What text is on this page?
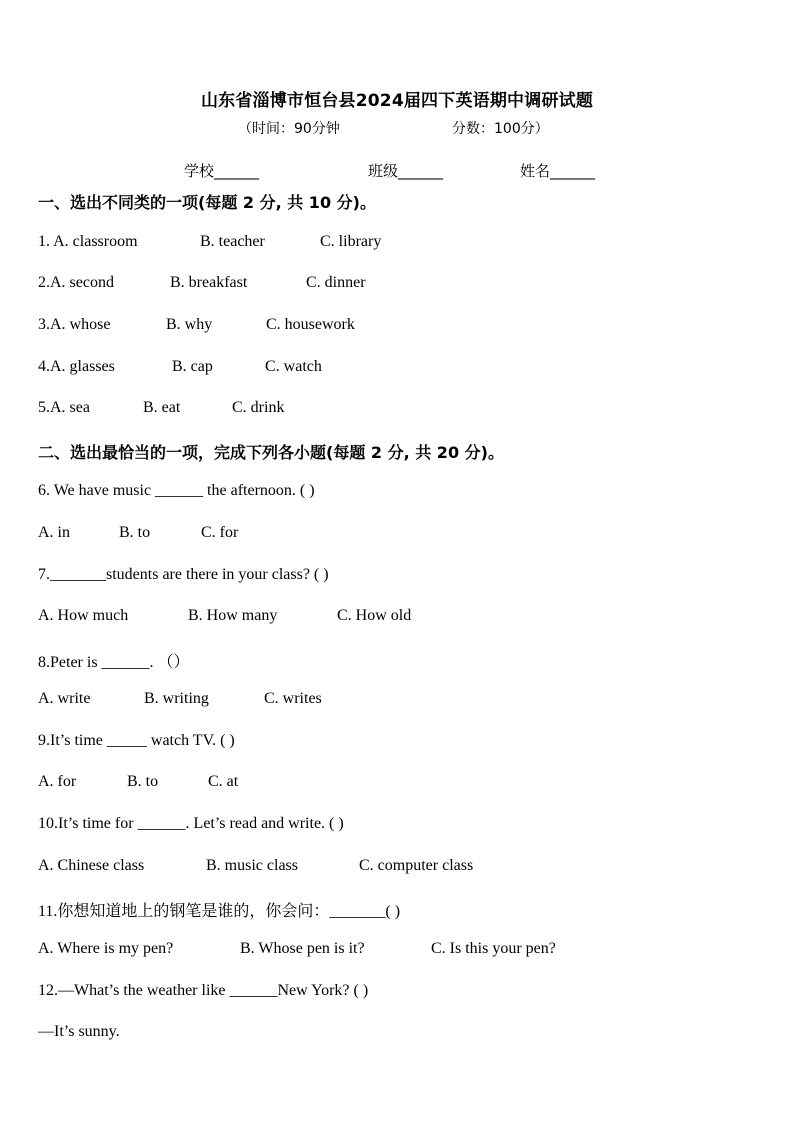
山东省淄博市恒台县2024届四下英语期中调研试题
（时间：90分钟	分数：100分）
学校______	班级______	姓名______
一、选出不同类的一项(每题 2 分, 共 10 分)。
1. A. classroom	B. teacher	C. library
2.A. second	B. breakfast	C. dinner
3.A. whose	B. why	C. housework
4.A. glasses	B. cap	C. watch
5.A. sea	B. eat	C. drink
二、选出最恰当的一项，完成下列各小题(每题 2 分, 共 20 分)。
6. We have music ______ the afternoon. ( )
A. in	B. to	C. for
7._______students are there in your class? ( )
A. How much	B. How many	C. How old
8.Peter is ______. （）
A. write	B. writing	C. writes
9.It’s time _____ watch TV. ( )
A. for	B. to	C. at
10.It’s time for ______. Let’s read and write. ( )
A. Chinese class	B. music class	C. computer class
11.你想知道地上的钢笔是谁的，你会问：_______( )
A. Where is my pen?	B. Whose pen is it?	C. Is this your pen?
12.—What’s the weather like ______New York? ( )
—It’s sunny.
